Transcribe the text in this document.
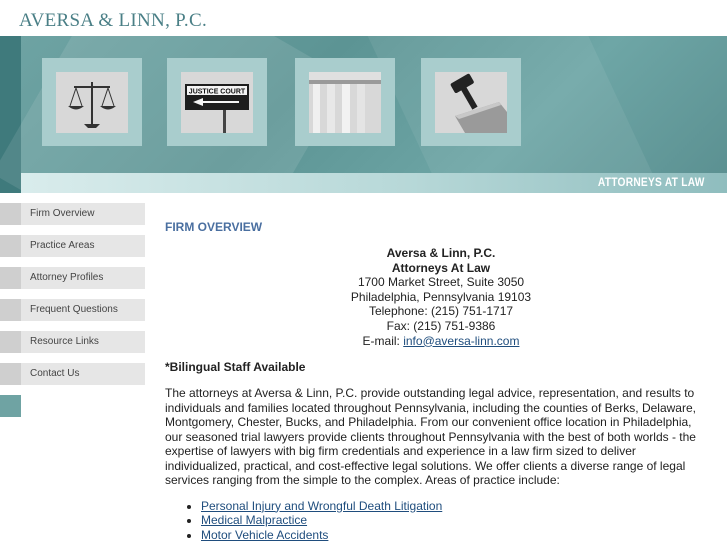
AVERSA & LINN, P.C.
JUSTICE COURT
ATTORNEYS AT LAW
Firm Overview
Practice Areas
Attorney Profiles
Frequent Questions
Resource Links
Contact Us
FIRM OVERVIEW
Aversa & Linn, P.C.
Attorneys At Law
1700 Market Street, Suite 3050
Philadelphia, Pennsylvania 19103
Telephone: (215) 751-1717
Fax: (215) 751-9386
E-mail: info@aversa-linn.com
*Bilingual Staff Available
The attorneys at Aversa & Linn, P.C. provide outstanding legal advice, representation, and results to individuals and families located throughout Pennsylvania, including the counties of Berks, Delaware, Montgomery, Chester, Bucks, and Philadelphia. From our convenient office location in Philadelphia, our seasoned trial lawyers provide clients throughout Pennsylvania with the best of both worlds - the expertise of lawyers with big firm credentials and experience in a law firm sized to deliver individualized, practical, and cost-effective legal solutions. We offer clients a diverse range of legal services ranging from the simple to the complex. Areas of practice include:
• Personal Injury and Wrongful Death Litigation
• Medical Malpractice
• Motor Vehicle Accidents
